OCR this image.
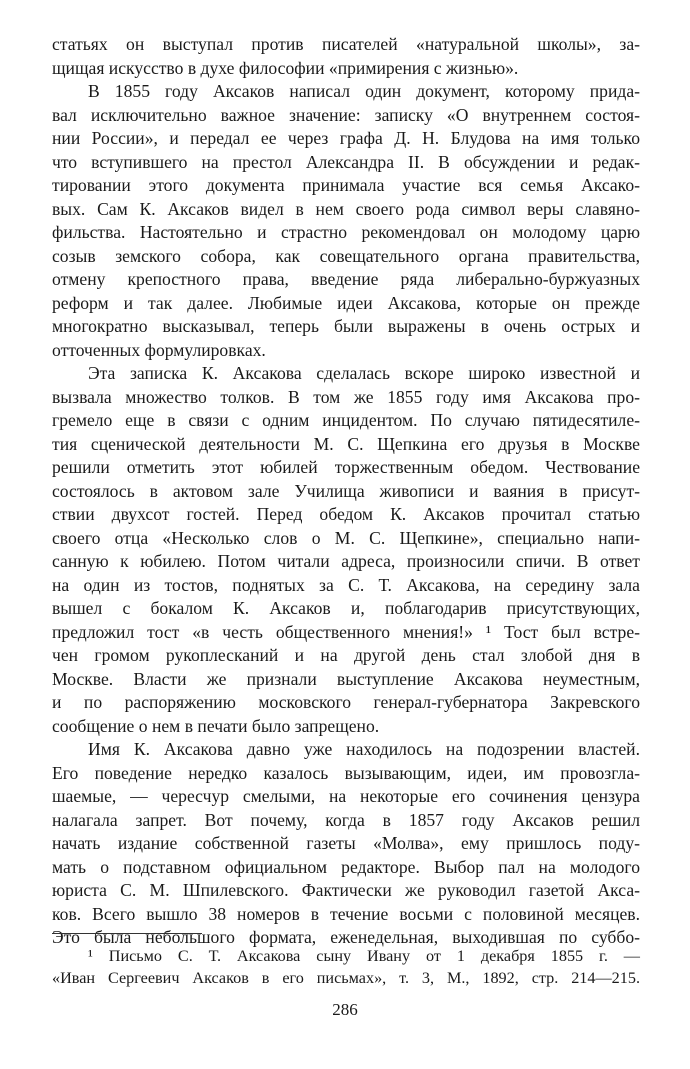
статьях он выступал против писателей «натуральной школы», за-
щищая искусство в духе философии «примирения с жизнью».
В 1855 году Аксаков написал один документ, которому прида-
вал исключительно важное значение: записку «О внутреннем состоя-
нии России», и передал ее через графа Д. Н. Блудова на имя только
что вступившего на престол Александра II. В обсуждении и редак-
тировании этого документа принимала участие вся семья Аксако-
вых. Сам К. Аксаков видел в нем своего рода символ веры славяно-
фильства. Настоятельно и страстно рекомендовал он молодому царю
созыв земского собора, как совещательного органа правительства,
отмену крепостного права, введение ряда либерально-буржуазных
реформ и так далее. Любимые идеи Аксакова, которые он прежде
многократно высказывал, теперь были выражены в очень острых и
отточенных формулировках.
Эта записка К. Аксакова сделалась вскоре широко известной и
вызвала множество толков. В том же 1855 году имя Аксакова про-
гремело еще в связи с одним инцидентом. По случаю пятидесятиле-
тия сценической деятельности М. С. Щепкина его друзья в Москве
решили отметить этот юбилей торжественным обедом. Чествование
состоялось в актовом зале Училища живописи и ваяния в присут-
ствии двухсот гостей. Перед обедом К. Аксаков прочитал статью
своего отца «Несколько слов о М. С. Щепкине», специально напи-
санную к юбилею. Потом читали адреса, произносили спичи. В ответ
на один из тостов, поднятых за С. Т. Аксакова, на середину зала
вышел с бокалом К. Аксаков и, поблагодарив присутствующих,
предложил тост «в честь общественного мнения!» ¹ Тост был встре-
чен громом рукоплесканий и на другой день стал злобой дня в
Москве. Власти же признали выступление Аксакова неуместным,
и по распоряжению московского генерал-губернатора Закревского
сообщение о нем в печати было запрещено.
Имя К. Аксакова давно уже находилось на подозрении властей.
Его поведение нередко казалось вызывающим, идеи, им провозгла-
шаемые, — чересчур смелыми, на некоторые его сочинения цензура
налагала запрет. Вот почему, когда в 1857 году Аксаков решил
начать издание собственной газеты «Молва», ему пришлось поду-
мать о подставном официальном редакторе. Выбор пал на молодого
юриста С. М. Шпилевского. Фактически же руководил газетой Акса-
ков. Всего вышло 38 номеров в течение восьми с половиной месяцев.
Это была небольшого формата, еженедельная, выходившая по суббо-
¹ Письмо С. Т. Аксакова сыну Ивану от 1 декабря 1855 г. —
«Иван Сергеевич Аксаков в его письмах», т. 3, М., 1892, стр. 214—215.
286
